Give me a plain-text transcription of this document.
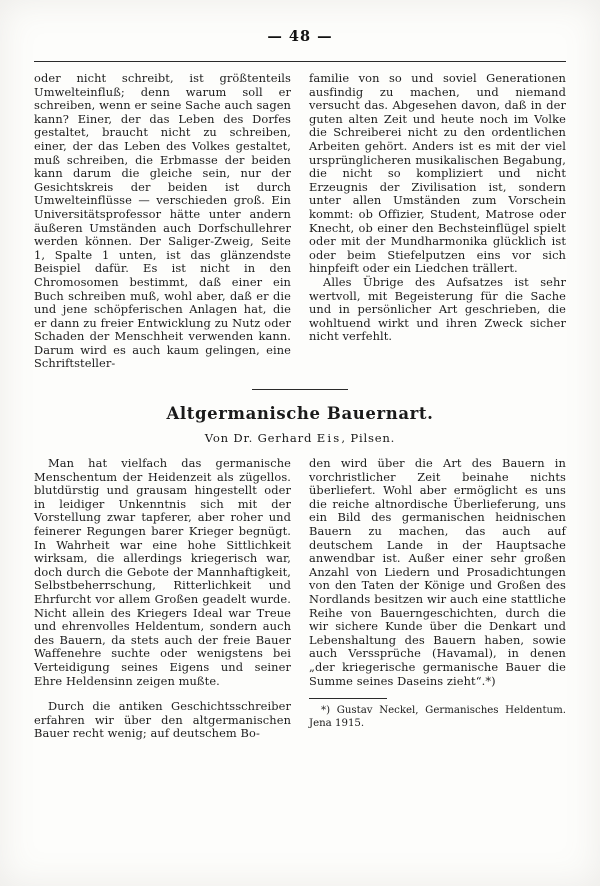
— 48 —

oder nicht schreibt, ist größtenteils Umwelteinfluß; denn warum soll er schreiben, wenn er seine Sache auch sagen kann? Einer, der das Leben des Dorfes gestaltet, braucht nicht zu schreiben, einer, der das Leben des Volkes gestaltet, muß schreiben, die Erbmasse der beiden kann darum die gleiche sein, nur der Gesichtskreis der beiden ist durch Umwelteinflüsse — verschieden groß. Ein Universitätsprofessor hätte unter andern äußeren Umständen auch Dorfschullehrer werden können. Der Saliger-Zweig, Seite 1, Spalte 1 unten, ist das glänzendste Beispiel dafür. Es ist nicht in den Chromosomen bestimmt, daß einer ein Buch schreiben muß, wohl aber, daß er die und jene schöpferischen Anlagen hat, die er dann zu freier Entwicklung zu Nutz oder Schaden der Menschheit verwenden kann. Darum wird es auch kaum gelingen, eine Schriftsteller-

familie von so und soviel Generationen ausfindig zu machen, und niemand versucht das. Abgesehen davon, daß in der guten alten Zeit und heute noch im Volke die Schreiberei nicht zu den ordentlichen Arbeiten gehört. Anders ist es mit der viel ursprünglicheren musikalischen Begabung, die nicht so kompliziert und nicht Erzeugnis der Zivilisation ist, sondern unter allen Umständen zum Vorschein kommt: ob Offizier, Student, Matrose oder Knecht, ob einer den Bechsteinflügel spielt oder mit der Mundharmonika glücklich ist oder beim Stiefelputzen eins vor sich hinpfeift oder ein Liedchen trällert.

Alles Übrige des Aufsatzes ist sehr wertvoll, mit Begeisterung für die Sache und in persönlicher Art geschrieben, die wohltuend wirkt und ihren Zweck sicher nicht verfehlt.

Altgermanische Bauernart.
Von Dr. Gerhard Eis, Pilsen.

Man hat vielfach das germanische Menschentum der Heidenzeit als zügellos. blutdürstig und grausam hingestellt oder in leidiger Unkenntnis sich mit der Vorstellung zwar tapferer, aber roher und feinerer Regungen barer Krieger begnügt. In Wahrheit war eine hohe Sittlichkeit wirksam, die allerdings kriegerisch war, doch durch die Gebote der Mannhaftigkeit, Selbstbeherrschung, Ritterlichkeit und Ehrfurcht vor allem Großen geadelt wurde. Nicht allein des Kriegers Ideal war Treue und ehrenvolles Heldentum, sondern auch des Bauern, da stets auch der freie Bauer Waffenehre suchte oder wenigstens bei Verteidigung seines Eigens und seiner Ehre Heldensinn zeigen mußte.

Durch die antiken Geschichtsschreiber erfahren wir über den altgermanischen Bauer recht wenig; auf deutschem Bo-

den wird über die Art des Bauern in vorchristlicher Zeit beinahe nichts überliefert. Wohl aber ermöglicht es uns die reiche altnordische Überlieferung, uns ein Bild des germanischen heidnischen Bauern zu machen, das auch auf deutschem Lande in der Hauptsache anwendbar ist. Außer einer sehr großen Anzahl von Liedern und Prosadichtungen von den Taten der Könige und Großen des Nordlands besitzen wir auch eine stattliche Reihe von Bauerngeschichten, durch die wir sichere Kunde über die Denkart und Lebenshaltung des Bauern haben, sowie auch Verssprüche (Havamal), in denen „der kriegerische germanische Bauer die Summe seines Daseins zieht“.*)

*) Gustav Neckel, Germanisches Heldentum. Jena 1915.
